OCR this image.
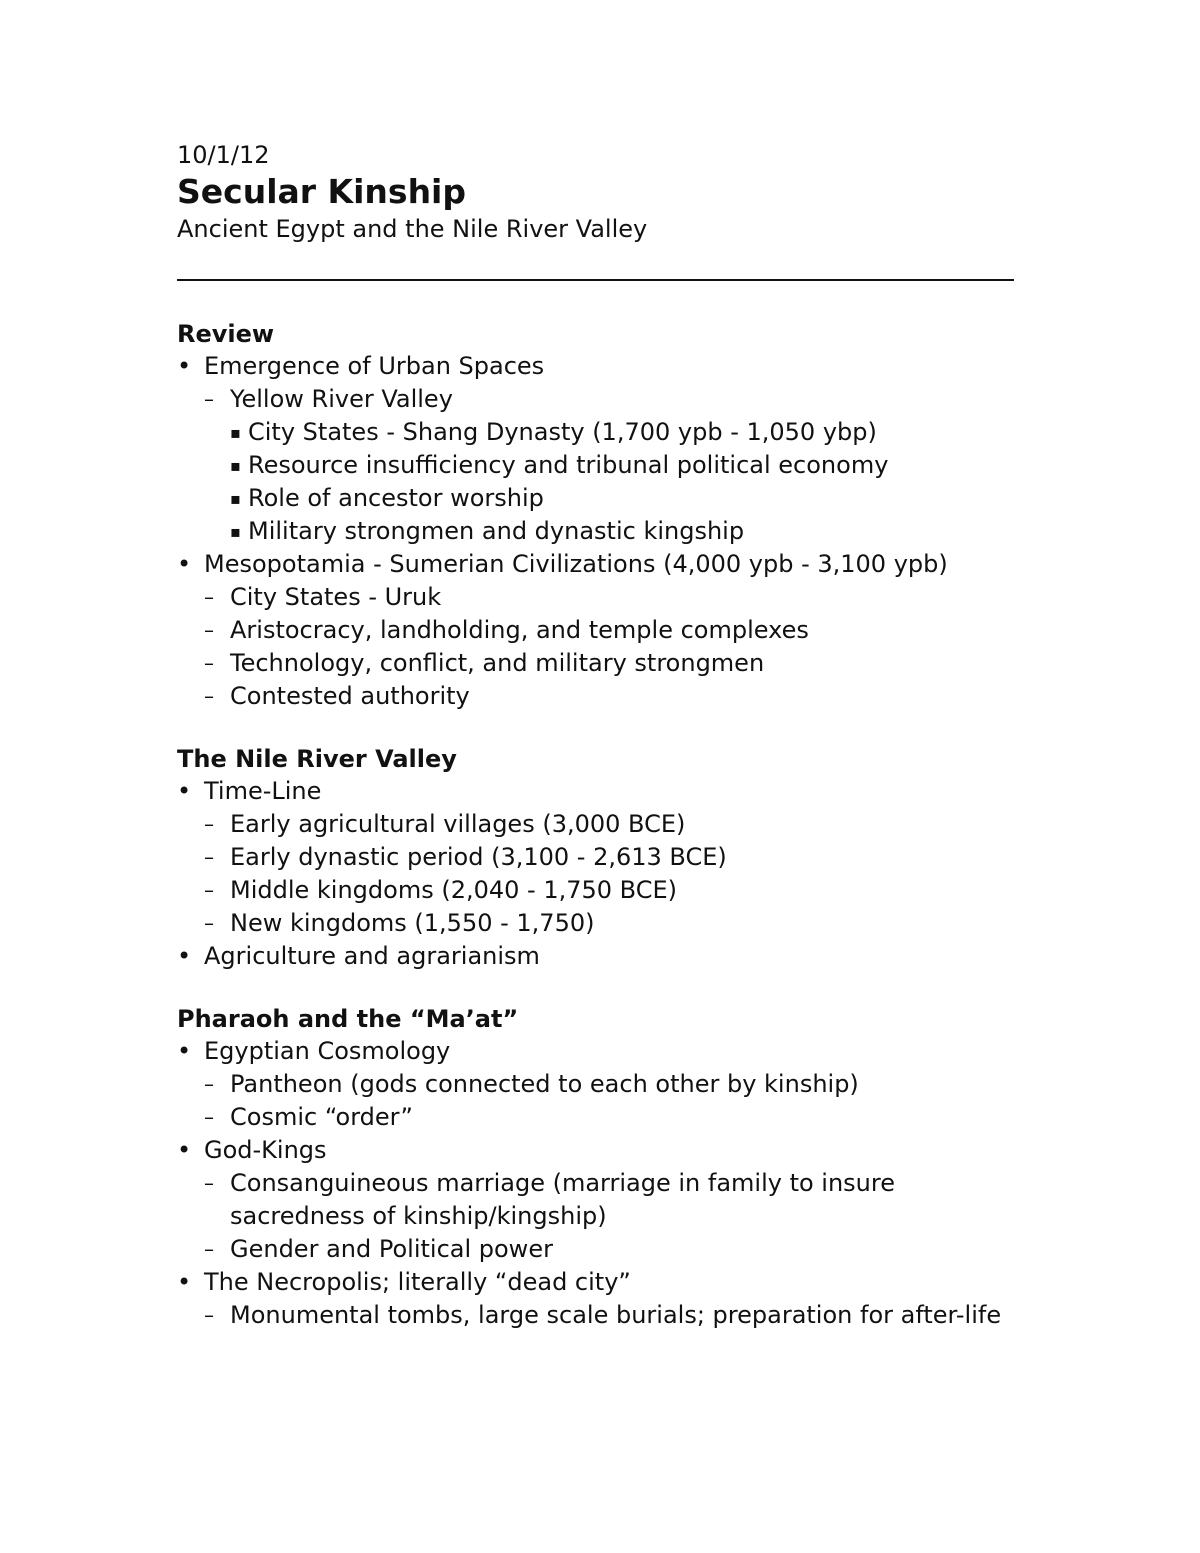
10/1/12

Secular Kinship

Ancient Egypt and the Nile River Valley

Review
• Emergence of Urban Spaces
– Yellow River Valley
▪ City States - Shang Dynasty (1,700 ypb - 1,050 ybp)
▪ Resource insufficiency and tribunal political economy
▪ Role of ancestor worship
▪ Military strongmen and dynastic kingship
• Mesopotamia - Sumerian Civilizations (4,000 ypb - 3,100 ypb)
– City States - Uruk
– Aristocracy, landholding, and temple complexes
– Technology, conflict, and military strongmen
– Contested authority
The Nile River Valley
• Time-Line
– Early agricultural villages (3,000 BCE)
– Early dynastic period (3,100 - 2,613 BCE)
– Middle kingdoms (2,040 - 1,750 BCE)
– New kingdoms (1,550 - 1,750)
• Agriculture and agrarianism
Pharaoh and the “Ma’at”
• Egyptian Cosmology
– Pantheon (gods connected to each other by kinship)
– Cosmic “order”
• God-Kings
– Consanguineous marriage (marriage in family to insure sacredness of kinship/kingship)
– Gender and Political power
• The Necropolis; literally “dead city”
– Monumental tombs, large scale burials; preparation for after-life
